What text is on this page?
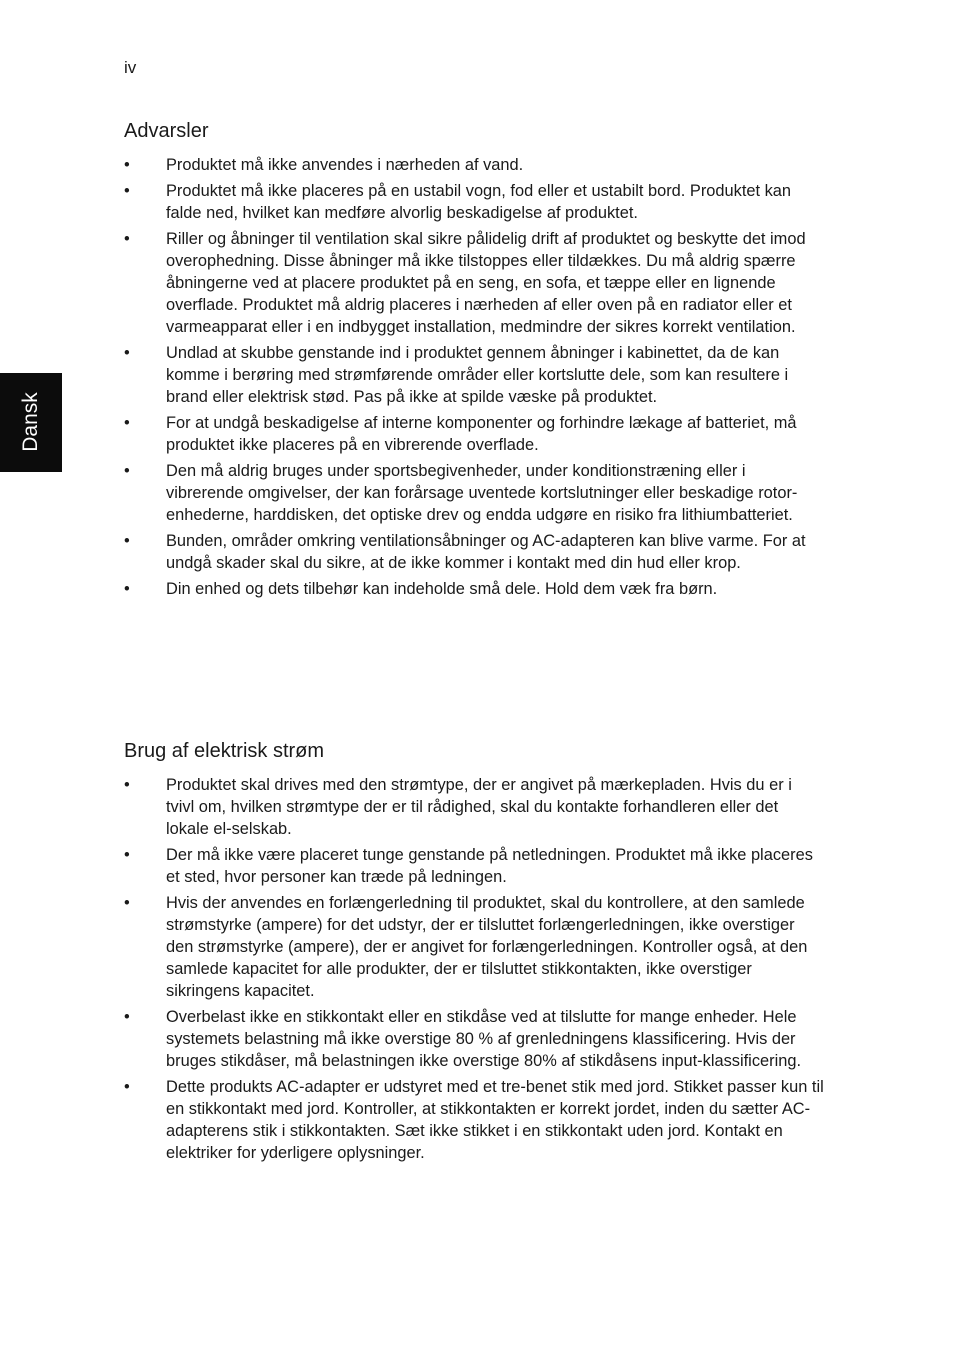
iv
Dansk
Advarsler
•	Produktet må ikke anvendes i nærheden af vand.
•	Produktet må ikke placeres på en ustabil vogn, fod eller et ustabilt bord. Produktet kan falde ned, hvilket kan medføre alvorlig beskadigelse af produktet.
•	Riller og åbninger til ventilation skal sikre pålidelig drift af produktet og beskytte det imod overophedning. Disse åbninger må ikke tilstoppes eller tildækkes. Du må aldrig spærre åbningerne ved at placere produktet på en seng, en sofa, et tæppe eller en lignende overflade. Produktet må aldrig placeres i nærheden af eller oven på en radiator eller et varmeapparat eller i en indbygget installation, medmindre der sikres korrekt ventilation.
•	Undlad at skubbe genstande ind i produktet gennem åbninger i kabinettet, da de kan komme i berøring med strømførende områder eller kortslutte dele, som kan resultere i brand eller elektrisk stød. Pas på ikke at spilde væske på produktet.
•	For at undgå beskadigelse af interne komponenter og forhindre lækage af batteriet, må produktet ikke placeres på en vibrerende overflade.
•	Den må aldrig bruges under sportsbegivenheder, under konditionstræning eller i vibrerende omgivelser, der kan forårsage uventede kortslutninger eller beskadige rotor-enhederne, harddisken, det optiske drev og endda udgøre en risiko fra lithiumbatteriet.
•	Bunden, områder omkring ventilationsåbninger og AC-adapteren kan blive varme. For at undgå skader skal du sikre, at de ikke kommer i kontakt med din hud eller krop.
•	Din enhed og dets tilbehør kan indeholde små dele. Hold dem væk fra børn.
Brug af elektrisk strøm
•	Produktet skal drives med den strømtype, der er angivet på mærkepladen. Hvis du er i tvivl om, hvilken strømtype der er til rådighed, skal du kontakte forhandleren eller det lokale el-selskab.
•	Der må ikke være placeret tunge genstande på netledningen. Produktet må ikke placeres et sted, hvor personer kan træde på ledningen.
•	Hvis der anvendes en forlængerledning til produktet, skal du kontrollere, at den samlede strømstyrke (ampere) for det udstyr, der er tilsluttet forlængerledningen, ikke overstiger den strømstyrke (ampere), der er angivet for forlængerledningen. Kontroller også, at den samlede kapacitet for alle produkter, der er tilsluttet stikkontakten, ikke overstiger sikringens kapacitet.
•	Overbelast ikke en stikkontakt eller en stikdåse ved at tilslutte for mange enheder. Hele systemets belastning må ikke overstige 80 % af grenledningens klassificering. Hvis der bruges stikdåser, må belastningen ikke overstige 80% af stikdåsens input-klassificering.
•	Dette produkts AC-adapter er udstyret med et tre-benet stik med jord. Stikket passer kun til en stikkontakt med jord. Kontroller, at stikkontakten er korrekt jordet, inden du sætter AC-adapterens stik i stikkontakten. Sæt ikke stikket i en stikkontakt uden jord. Kontakt en elektriker for yderligere oplysninger.
